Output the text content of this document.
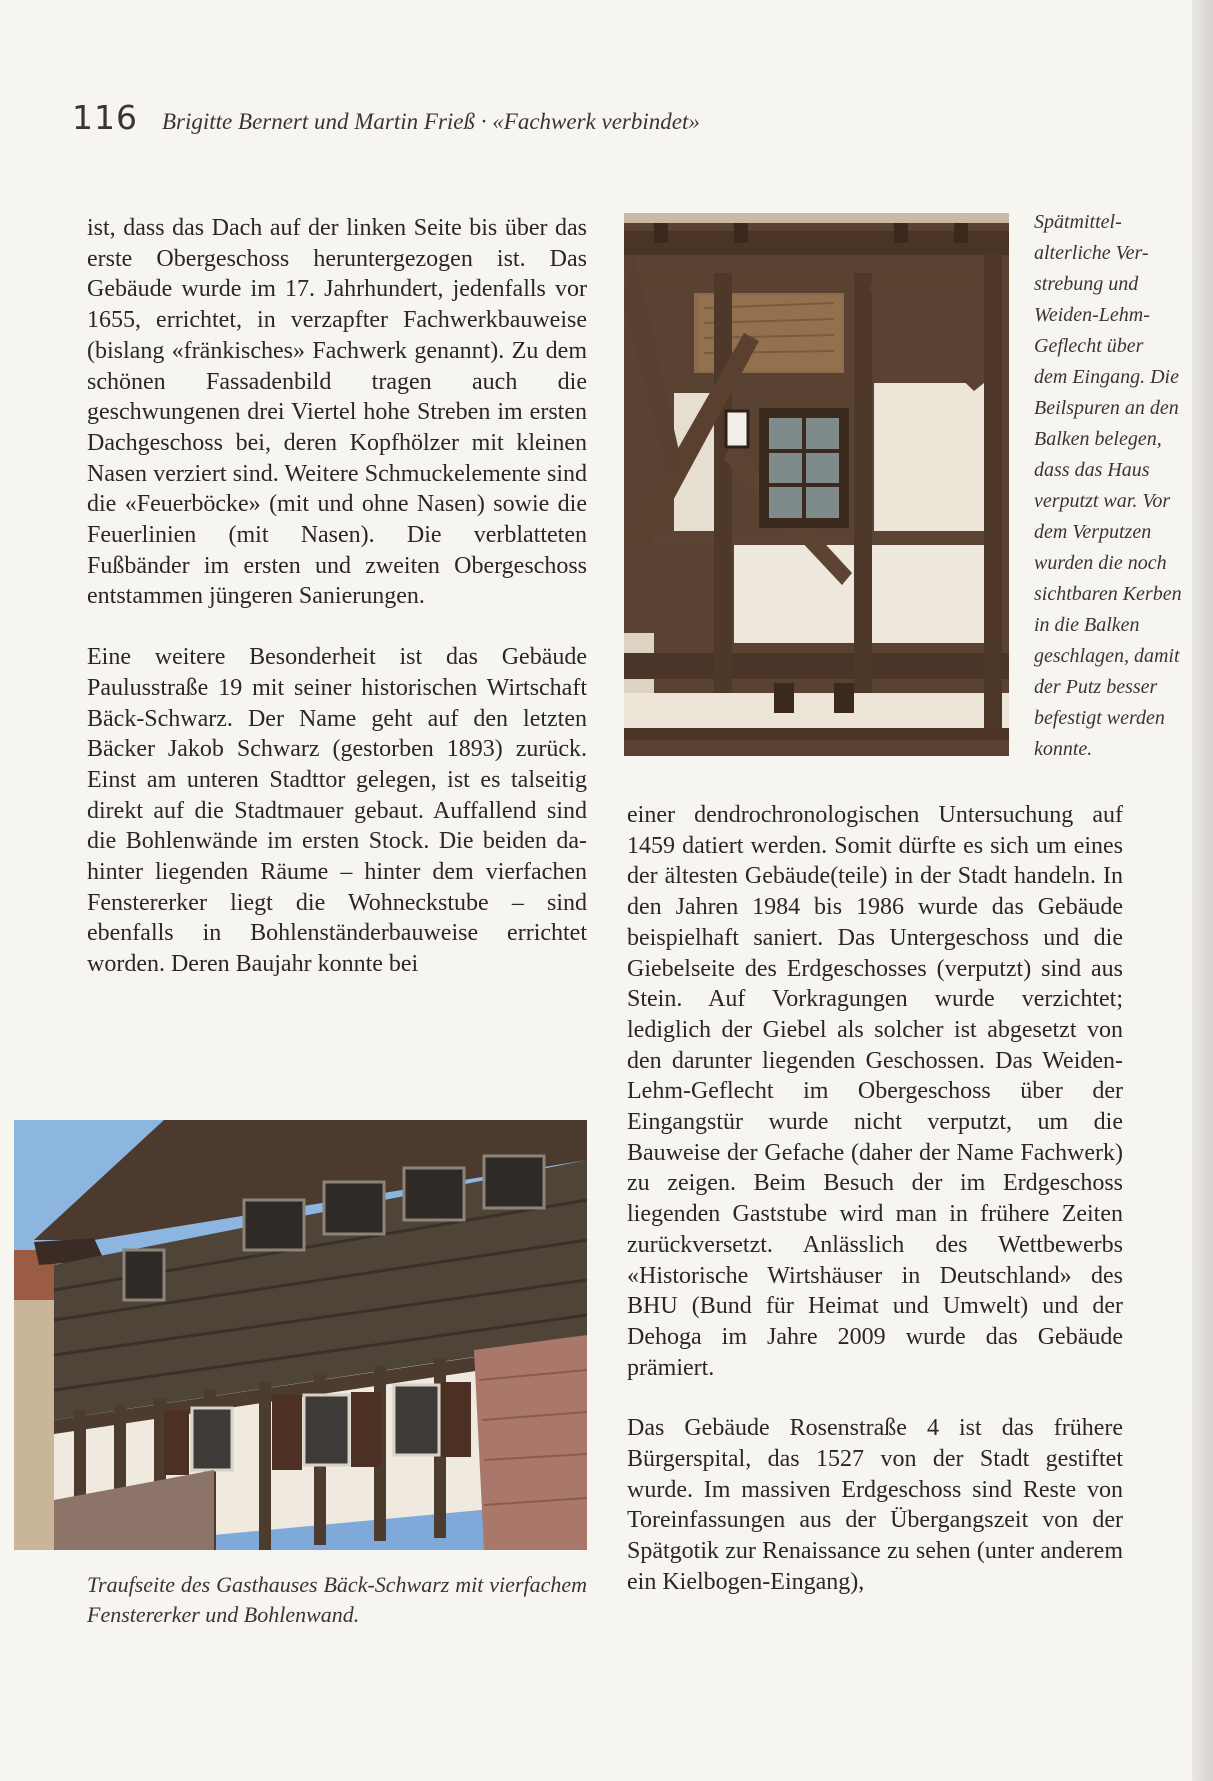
116 Brigitte Bernert und Martin Frieß · «Fachwerk verbindet»

ist, dass das Dach auf der linken Seite bis über das erste Obergeschoss heruntergezogen ist. Das Gebäude wurde im 17. Jahrhundert, jedenfalls vor 1655, errichtet, in verzapfter Fachwerkbauweise (bislang «fränkisches» Fachwerk genannt). Zu dem schönen Fassadenbild tragen auch die geschwungenen drei Viertel hohe Streben im ersten Dachgeschoss bei, deren Kopfhölzer mit kleinen Nasen verziert sind. Weitere Schmuckelemente sind die «Feuerböcke» (mit und ohne Nasen) sowie die Feuerlinien (mit Nasen). Die verblatteten Fußbänder im ersten und zweiten Obergeschoss entstammen jüngeren Sanierungen.

Eine weitere Besonderheit ist das Gebäude Paulusstraße 19 mit seiner historischen Wirtschaft Bäck-Schwarz. Der Name geht auf den letzten Bäcker Jakob Schwarz (gestorben 1893) zurück. Einst am unteren Stadttor gelegen, ist es talseitig direkt auf die Stadtmauer gebaut. Auffallend sind die Bohlenwände im ersten Stock. Die beiden dahinter liegenden Räume – hinter dem vierfachen Fenstererker liegt die Wohneckstube – sind ebenfalls in Bohlenständerbauweise errichtet worden. Deren Baujahr konnte bei

Spätmittel-
alterliche Ver-
strebung und
Weiden-Lehm-
Geflecht über
dem Eingang. Die
Beilspuren an den
Balken belegen,
dass das Haus
verputzt war. Vor
dem Verputzen
wurden die noch
sichtbaren Kerben
in die Balken
geschlagen, damit
der Putz besser
befestigt werden
konnte.

einer dendrochronologischen Untersuchung auf 1459 datiert werden. Somit dürfte es sich um eines der ältesten Gebäude(teile) in der Stadt handeln. In den Jahren 1984 bis 1986 wurde das Gebäude beispielhaft saniert. Das Untergeschoss und die Giebelseite des Erdgeschosses (verputzt) sind aus Stein. Auf Vorkragungen wurde verzichtet; lediglich der Giebel als solcher ist abgesetzt von den darunter liegenden Geschossen. Das Weiden-Lehm-Geflecht im Obergeschoss über der Eingangstür wurde nicht verputzt, um die Bauweise der Gefache (daher der Name Fachwerk) zu zeigen. Beim Besuch der im Erdgeschoss liegenden Gaststube wird man in frühere Zeiten zurückversetzt. Anlässlich des Wettbewerbs «Historische Wirtshäuser in Deutschland» des BHU (Bund für Heimat und Umwelt) und der Dehoga im Jahre 2009 wurde das Gebäude prämiert.

Das Gebäude Rosenstraße 4 ist das frühere Bürgerspital, das 1527 von der Stadt gestiftet wurde. Im massiven Erdgeschoss sind Reste von Toreinfassungen aus der Übergangszeit von der Spätgotik zur Renaissance zu sehen (unter anderem ein Kielbogen-Eingang),

Traufseite des Gasthauses Bäck-Schwarz mit vierfachem Fenstererker und Bohlenwand.
